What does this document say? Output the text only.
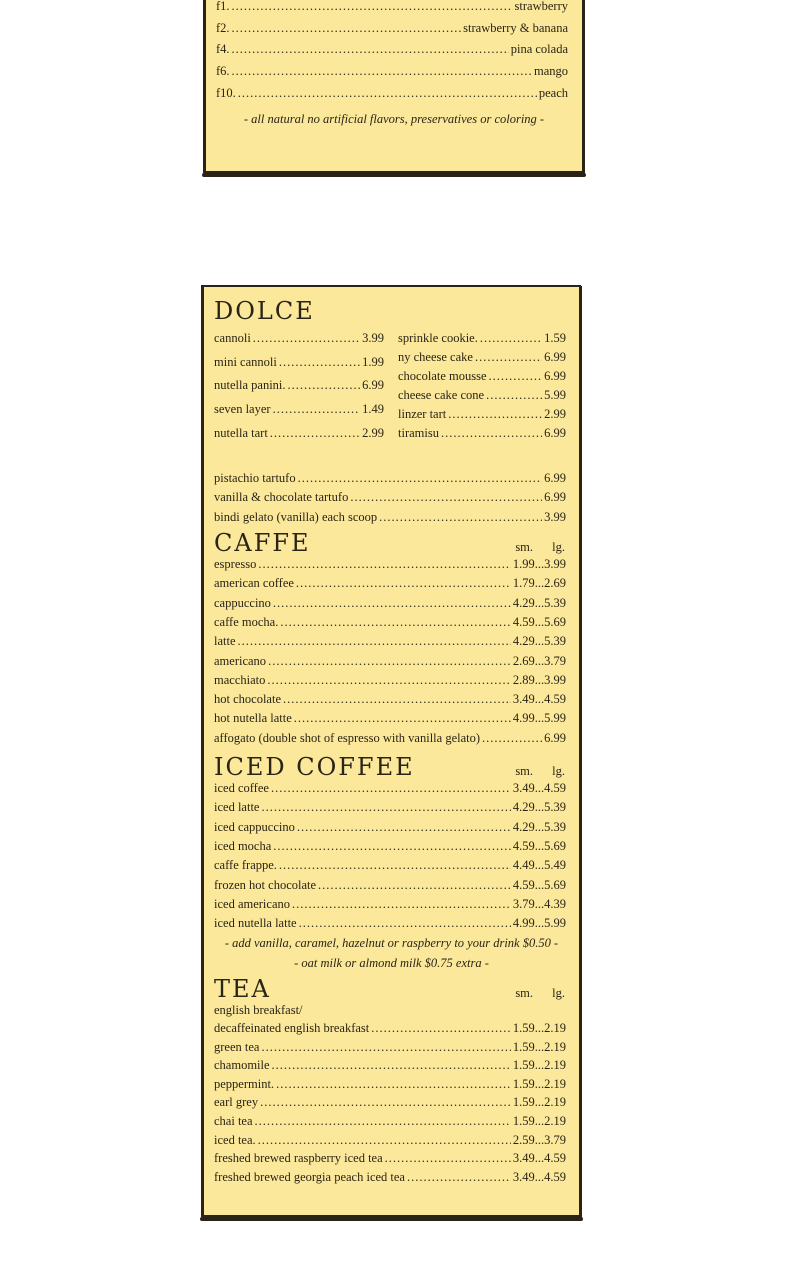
f1. .....	strawberry
f2. .....	strawberry & banana
f4. .....	pina colada
f6. .....	mango
f10. .....	peach
- all natural no artificial flavors, preservatives or coloring -
DOLCE
cannoli .....	3.99
mini cannoli .....	1.99
nutella panini. .....	6.99
seven layer .....	1.49
nutella tart .....	2.99
sprinkle cookie. .....	1.59
ny cheese cake .....	6.99
chocolate mousse .....	6.99
cheese cake cone .....	5.99
linzer tart .....	2.99
tiramisu .....	6.99
pistachio tartufo .....	6.99
vanilla & chocolate tartufo .....	6.99
bindi gelato (vanilla) each scoop .....	3.99
CAFFE	sm. lg.
espresso .....	1.99...3.99
american coffee .....	1.79...2.69
cappuccino .....	4.29...5.39
caffe mocha. .....	4.59...5.69
latte .....	4.29...5.39
americano .....	2.69...3.79
macchiato .....	2.89...3.99
hot chocolate .....	3.49...4.59
hot nutella latte .....	4.99...5.99
affogato (double shot of espresso with vanilla gelato) .....	6.99
ICED COFFEE	sm. lg.
iced coffee .....	3.49...4.59
iced latte .....	4.29...5.39
iced cappuccino .....	4.29...5.39
iced mocha .....	4.59...5.69
caffe frappe. .....	4.49...5.49
frozen hot chocolate .....	4.59...5.69
iced americano .....	3.79...4.39
iced nutella latte .....	4.99...5.99
- add vanilla, caramel, hazelnut or raspberry to your drink $0.50 -
- oat milk or almond milk $0.75 extra -
TEA	sm. lg.
english breakfast/
decaffeinated english breakfast .....	1.59...2.19
green tea .....	1.59...2.19
chamomile .....	1.59...2.19
peppermint. .....	1.59...2.19
earl grey .....	1.59...2.19
chai tea .....	1.59...2.19
iced tea. .....	2.59...3.79
freshed brewed raspberry iced tea .....	3.49...4.59
freshed brewed georgia peach iced tea .....	3.49...4.59
